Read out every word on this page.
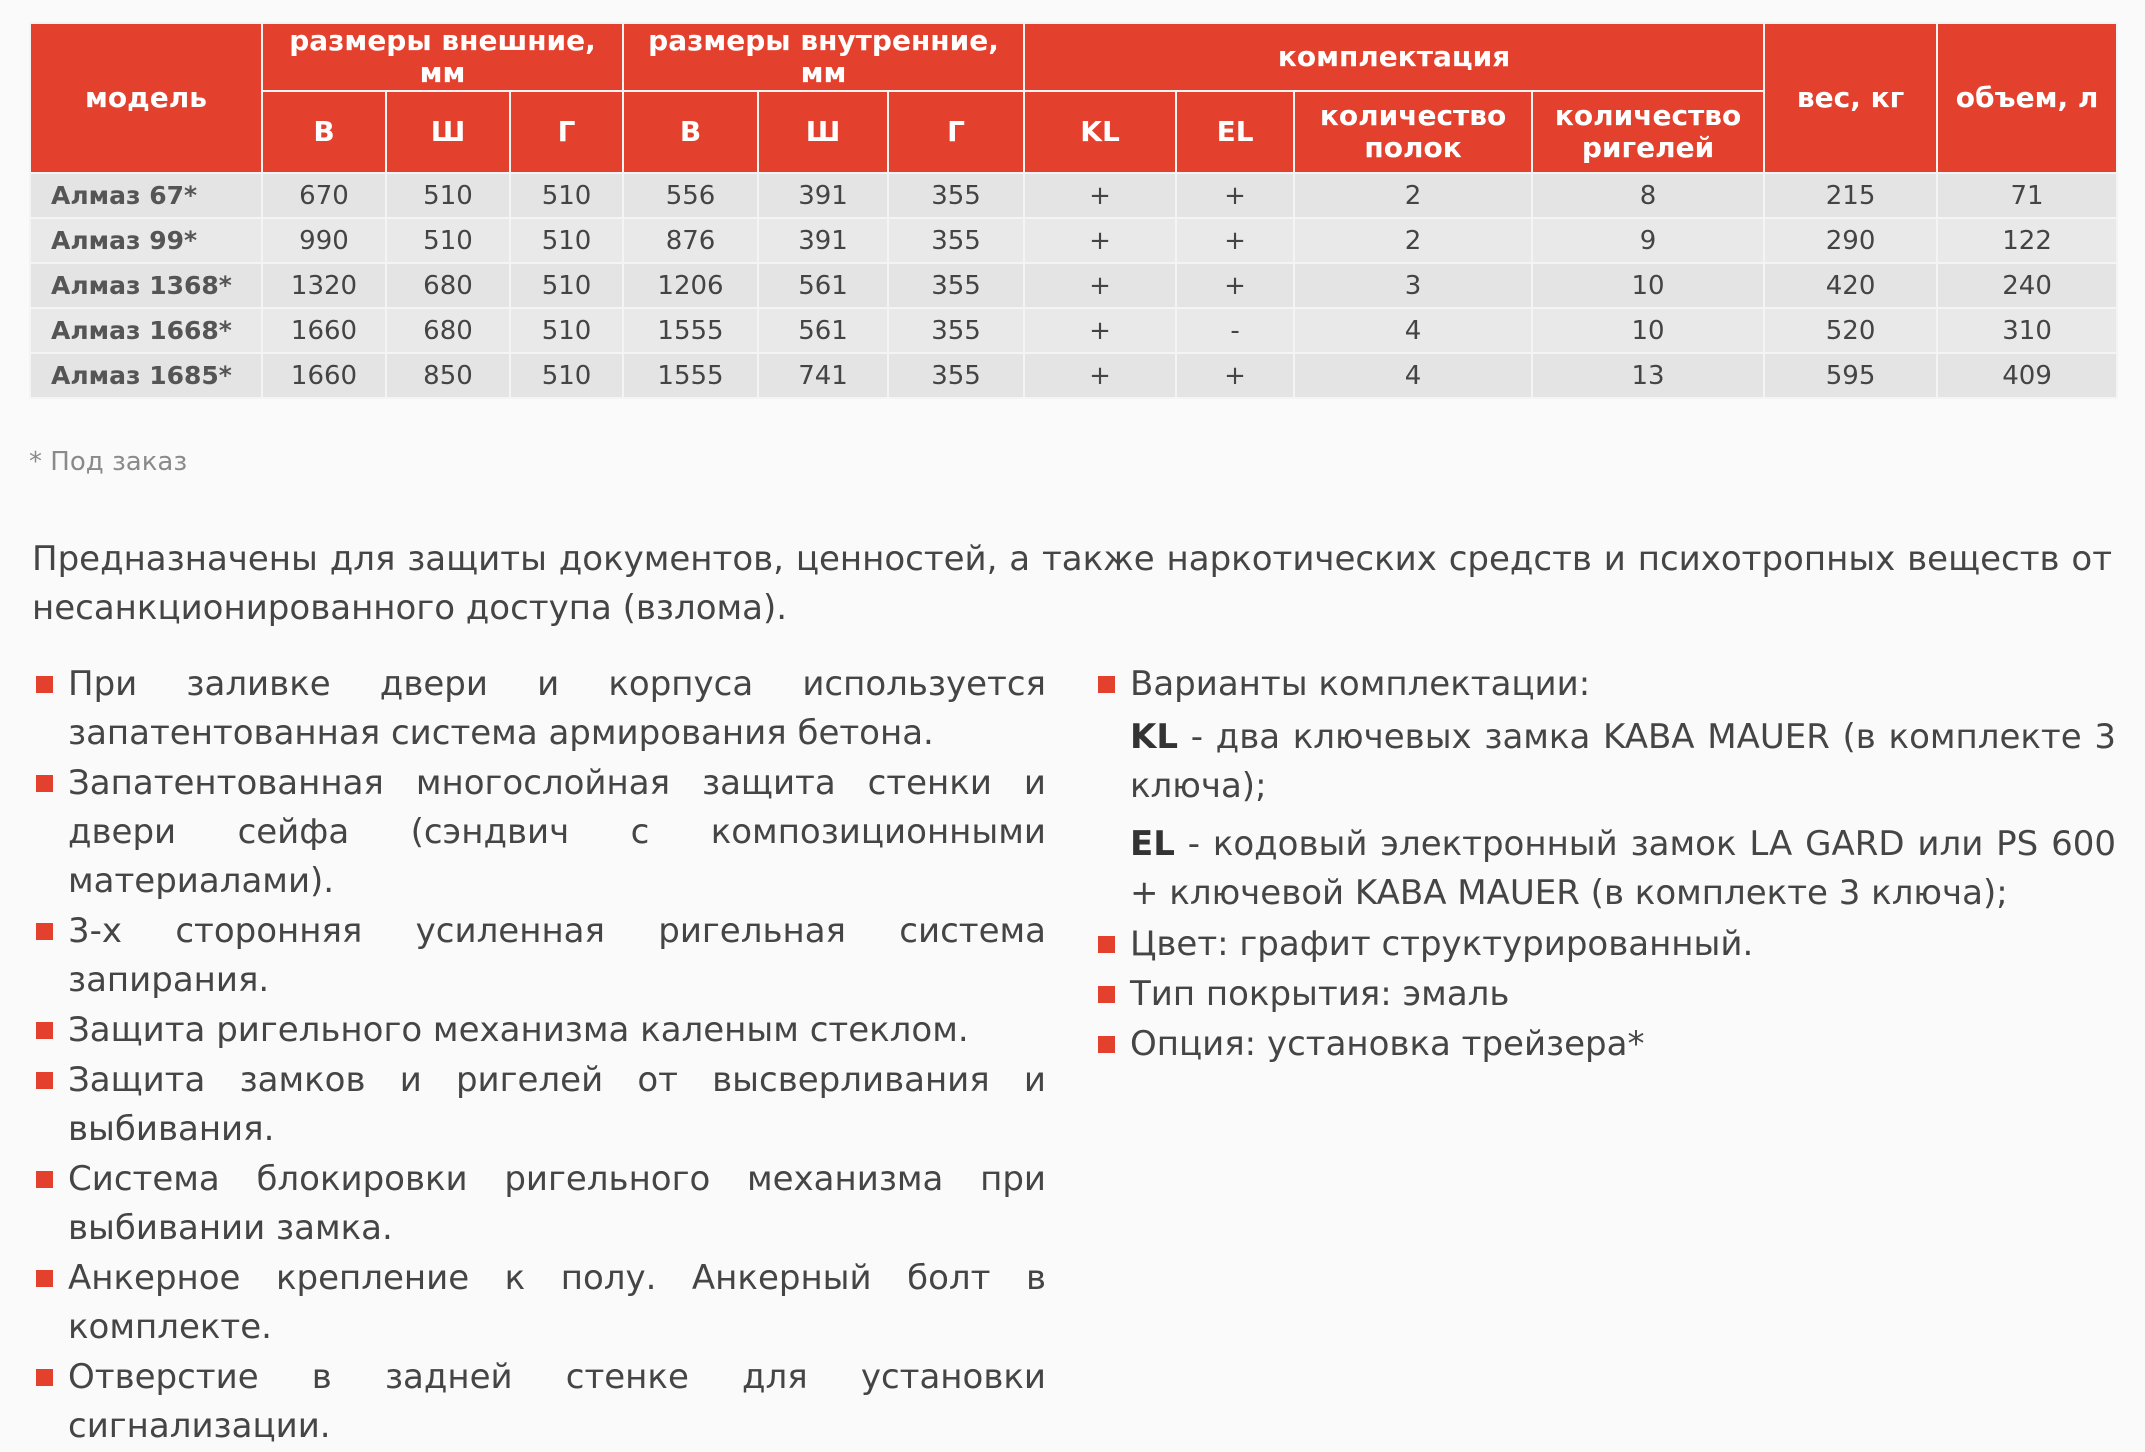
модель	размеры внешние, мм			размеры внутренние, мм			комплектация				вес, кг	объем, л
	В	Ш	Г	В	Ш	Г	KL	EL	количество полок	количество ригелей		
Алмаз 67*	670	510	510	556	391	355	+	+	2	8	215	71
Алмаз 99*	990	510	510	876	391	355	+	+	2	9	290	122
Алмаз 1368*	1320	680	510	1206	561	355	+	+	3	10	420	240
Алмаз 1668*	1660	680	510	1555	561	355	+	-	4	10	520	310
Алмаз 1685*	1660	850	510	1555	741	355	+	+	4	13	595	409
* Под заказ
Предназначены для защиты документов, ценностей, а также наркотических средств и психотропных веществ от несанкционированного доступа (взлома).
При заливке двери и корпуса используется запатентованная система армирования бетона.
Запатентованная многослойная защита стенки и двери сейфа (сэндвич с композиционными материалами).
3-х сторонняя усиленная ригельная система запирания.
Защита ригельного механизма каленым стеклом.
Защита замков и ригелей от высверливания и выбивания.
Система блокировки ригельного механизма при выбивании замка.
Анкерное крепление к полу. Анкерный болт в комплекте.
Отверстие в задней стенке для установки сигнализации.
Варианты комплектации:
KL - два ключевых замка KABA MAUER (в комплекте 3 ключа);
EL - кодовый электронный замок LA GARD или PS 600 + ключевой KABA MAUER (в комплекте 3 ключа);
Цвет: графит структурированный.
Тип покрытия: эмаль
Опция: установка трейзера*
